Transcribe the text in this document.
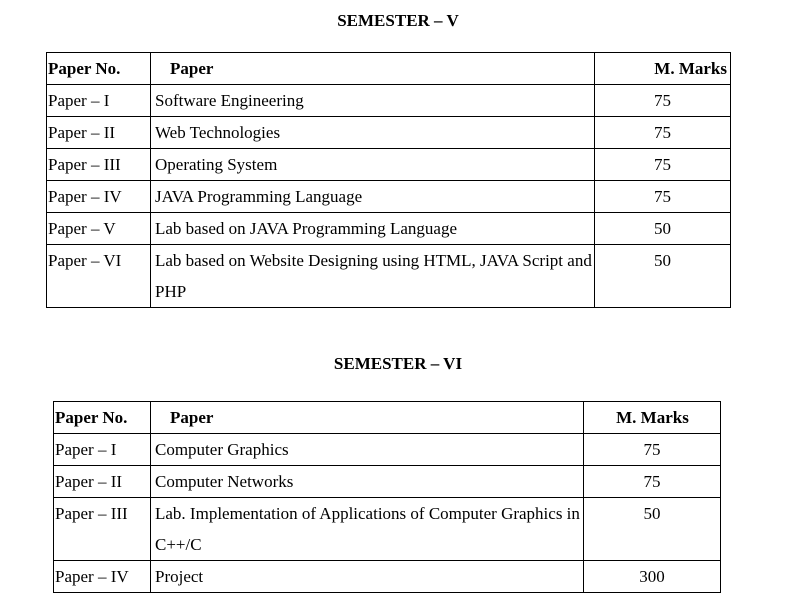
SEMESTER – V
Paper No.	Paper	M. Marks
Paper – I	Software Engineering	75
Paper – II	Web Technologies	75
Paper – III	Operating System	75
Paper – IV	JAVA Programming Language	75
Paper – V	Lab based on JAVA Programming Language	50
Paper – VI	Lab based on Website Designing using HTML, JAVA Script and PHP	50
SEMESTER – VI
Paper No.	Paper	M. Marks
Paper – I	Computer Graphics	75
Paper – II	Computer Networks	75
Paper – III	Lab. Implementation of Applications of Computer Graphics in C++/C	50
Paper – IV	Project	300
